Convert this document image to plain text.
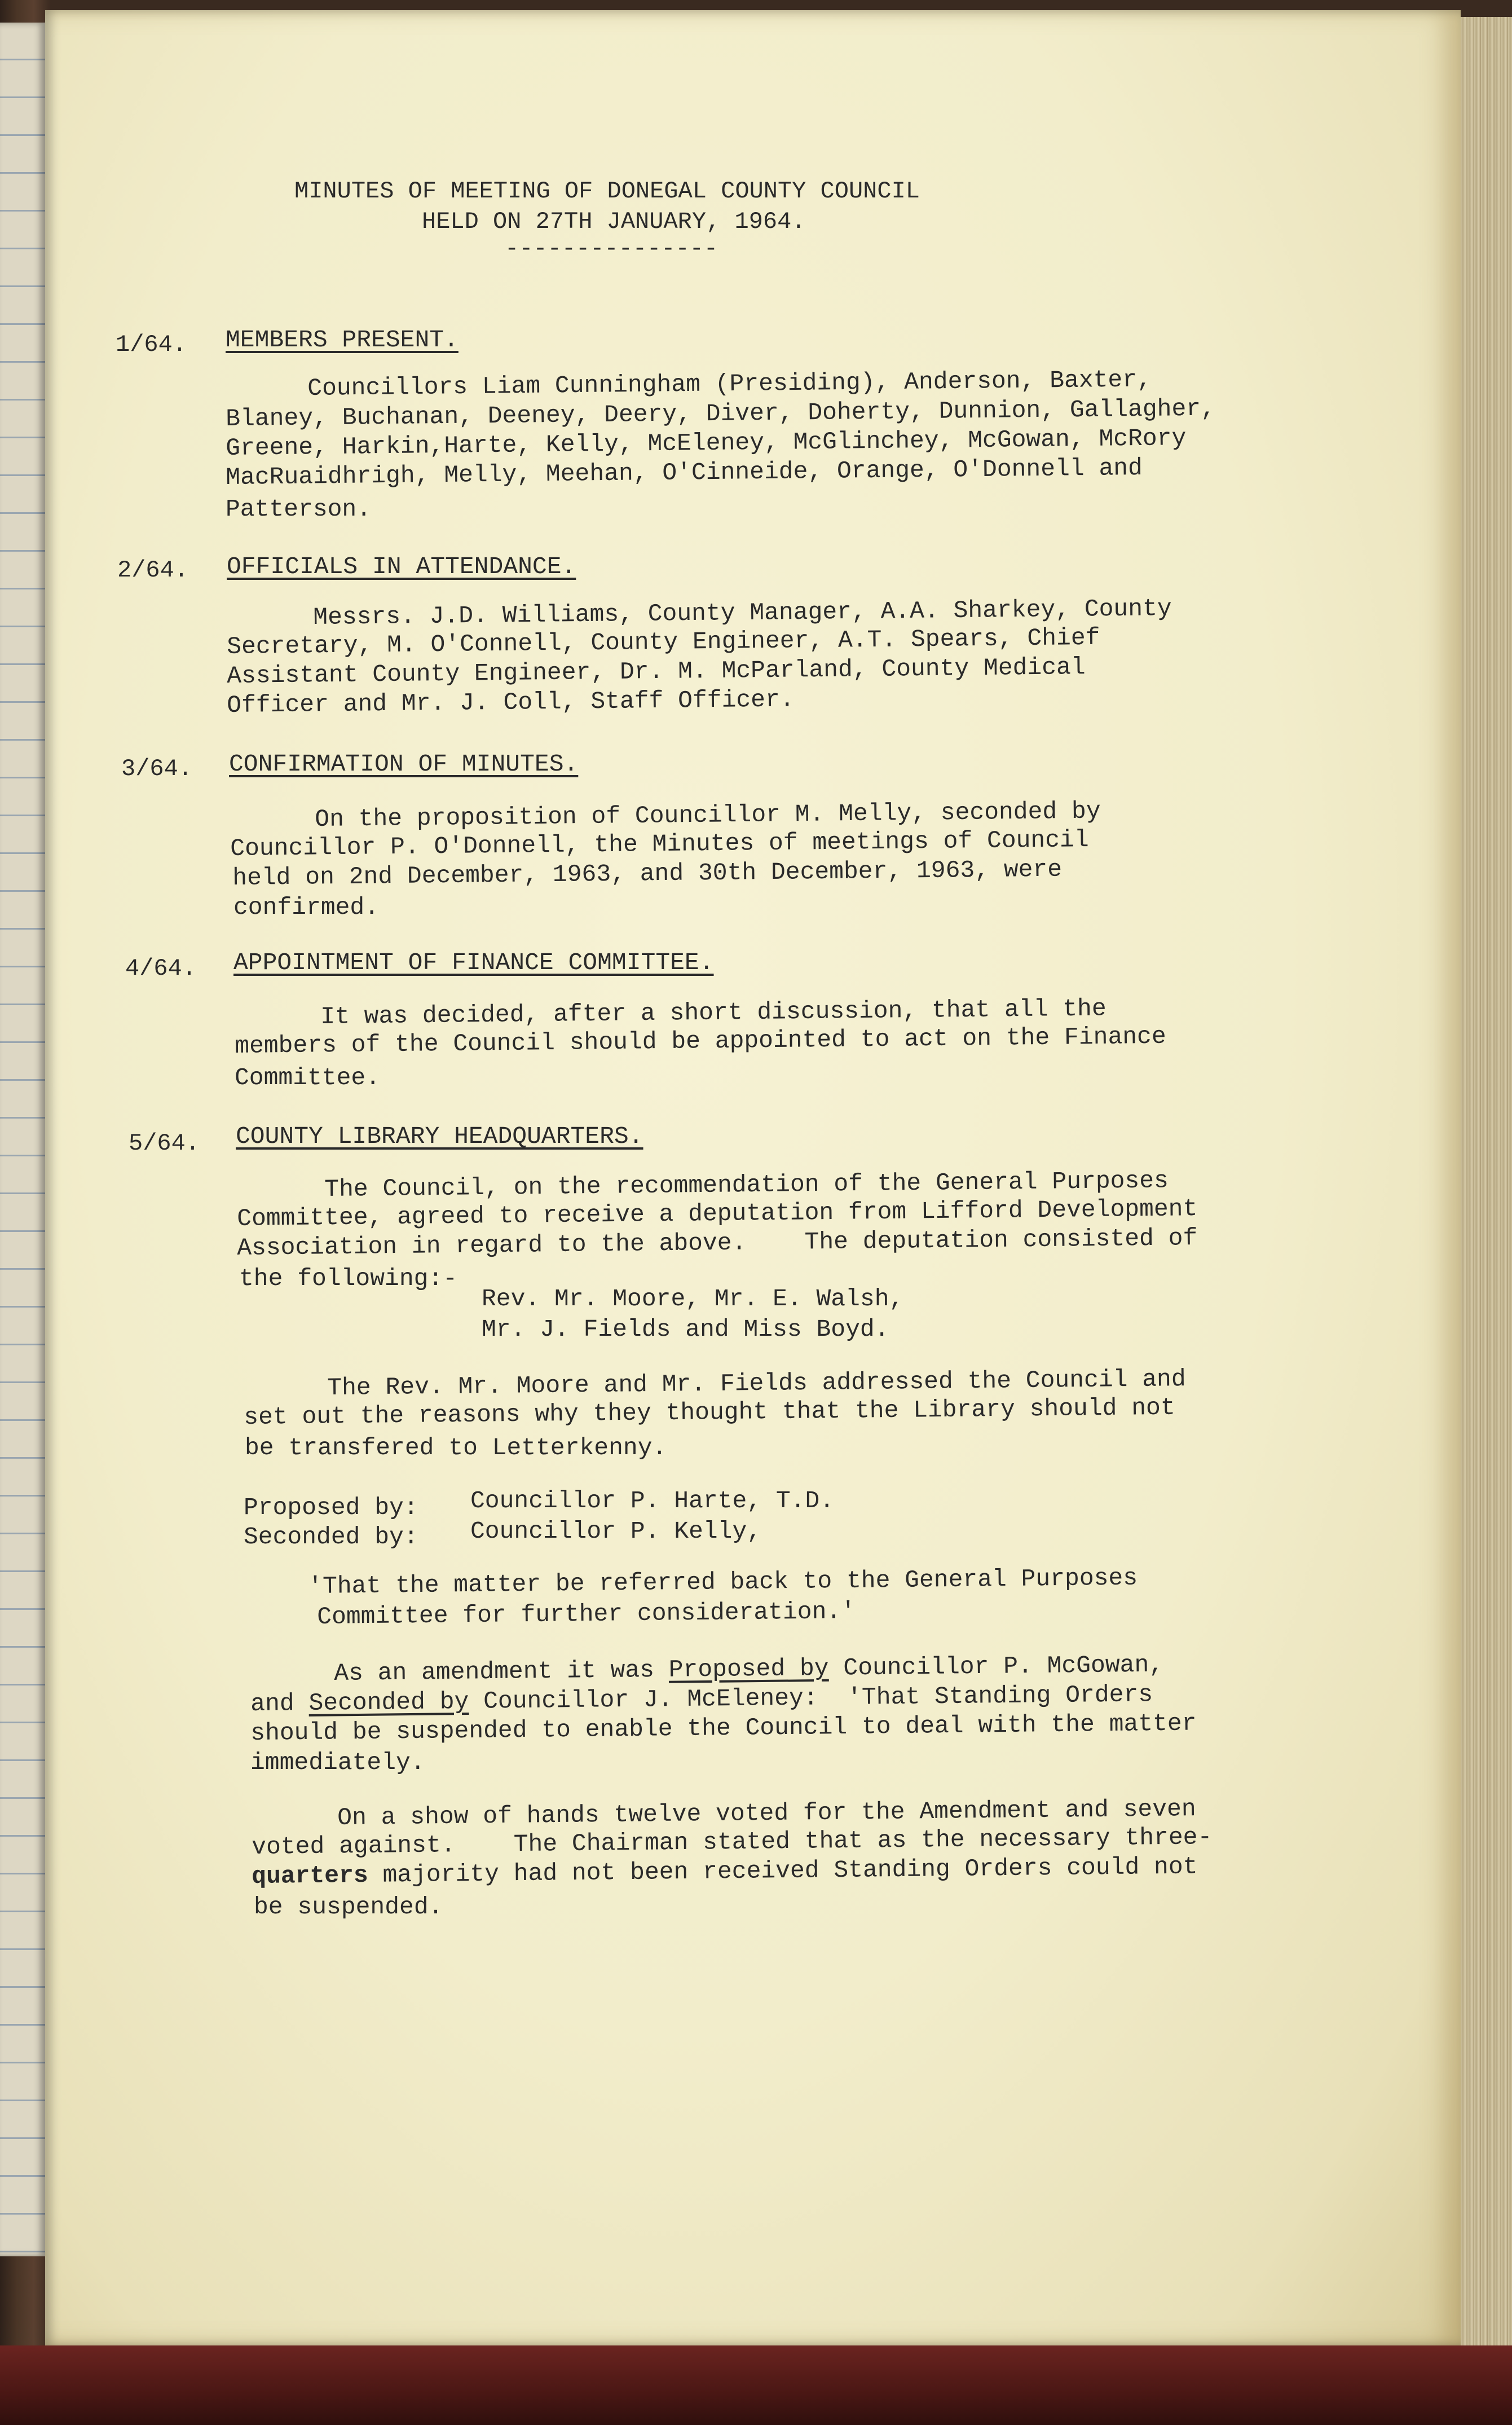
MINUTES OF MEETING OF DONEGAL COUNTY COUNCIL
HELD ON 27TH JANUARY, 1964.
---------------
1/64. MEMBERS PRESENT.
Councillors Liam Cunningham (Presiding), Anderson, Baxter,
Blaney, Buchanan, Deeney, Deery, Diver, Doherty, Dunnion, Gallagher,
Greene, Harkin,Harte, Kelly, McEleney, McGlinchey, McGowan, McRory
MacRuaidhrigh, Melly, Meehan, O'Cinneide, Orange, O'Donnell and
Patterson.
2/64. OFFICIALS IN ATTENDANCE.
Messrs. J.D. Williams, County Manager, A.A. Sharkey, County
Secretary, M. O'Connell, County Engineer, A.T. Spears, Chief
Assistant County Engineer, Dr. M. McParland, County Medical
Officer and Mr. J. Coll, Staff Officer.
3/64. CONFIRMATION OF MINUTES.
On the proposition of Councillor M. Melly, seconded by
Councillor P. O'Donnell, the Minutes of meetings of Council
held on 2nd December, 1963, and 30th December, 1963, were
confirmed.
4/64. APPOINTMENT OF FINANCE COMMITTEE.
It was decided, after a short discussion, that all the
members of the Council should be appointed to act on the Finance
Committee.
5/64. COUNTY LIBRARY HEADQUARTERS.
The Council, on the recommendation of the General Purposes
Committee, agreed to receive a deputation from Lifford Development
Association in regard to the above.    The deputation consisted of
the following:-
Rev. Mr. Moore, Mr. E. Walsh,
Mr. J. Fields and Miss Boyd.
The Rev. Mr. Moore and Mr. Fields addressed the Council and
set out the reasons why they thought that the Library should not
be transfered to Letterkenny.
Proposed by: Councillor P. Harte, T.D.
Seconded by: Councillor P. Kelly,
'That the matter be referred back to the General Purposes
Committee for further consideration.'
As an amendment it was Proposed by Councillor P. McGowan,
and Seconded by Councillor J. McEleney:  'That Standing Orders
should be suspended to enable the Council to deal with the matter
immediately.
On a show of hands twelve voted for the Amendment and seven
voted against.    The Chairman stated that as the necessary three-
quarters majority had not been received Standing Orders could not
be suspended.
